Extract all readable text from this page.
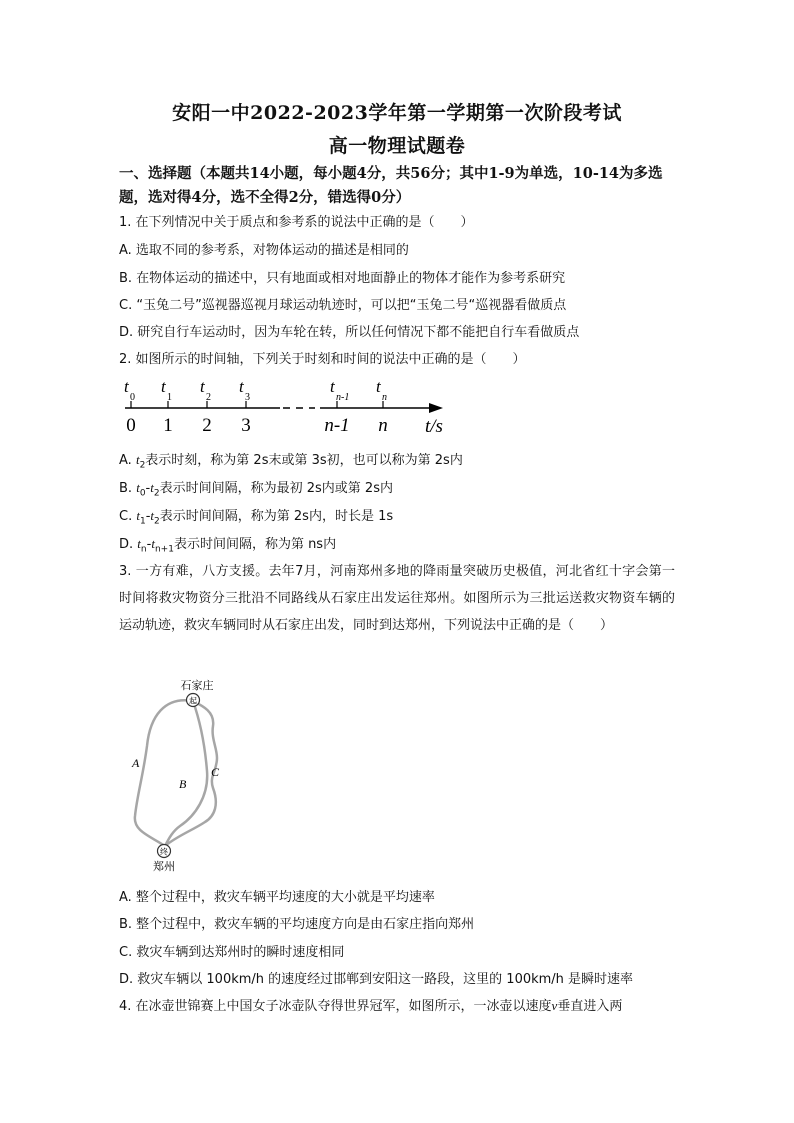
安阳一中2022-2023学年第一学期第一次阶段考试
高一物理试题卷
一、选择题（本题共14小题，每小题4分，共56分；其中1-9为单选，10-14为多选题，选对得4分，选不全得2分，错选得0分）
1. 在下列情况中关于质点和参考系的说法中正确的是（　　）
A. 选取不同的参考系，对物体运动的描述是相同的
B. 在物体运动的描述中，只有地面或相对地面静止的物体才能作为参考系研究
C. “玉兔二号”巡视器巡视月球运动轨迹时，可以把“玉兔二号“巡视器看做质点
D. 研究自行车运动时，因为车轮在转，所以任何情况下都不能把自行车看做质点
2. 如图所示的时间轴，下列关于时刻和时间的说法中正确的是（　　）
t
0
0
t
1
1
t
2
2
t
3
3
t
n-1
n-1
t
n
n t/s
A. $t_2$表示时刻，称为第 2s末或第 3s初，也可以称为第 2s内
B. $t_0-t_2$表示时间间隔，称为最初 2s内或第 2s内
C. $t_1-t_2$表示时间间隔，称为第 2s内，时长是 1s
D. $t_n-t_{n+1}$表示时间间隔，称为第 ns内
3. 一方有难，八方支援。去年7月，河南郑州多地的降雨量突破历史极值，河北省红十字会第一时间将救灾物资分三批沿不同路线从石家庄出发运往郑州。如图所示为三批运送救灾物资车辆的运动轨迹，救灾车辆同时从石家庄出发，同时到达郑州，下列说法中正确的是（　　）
起
石家庄
终
郑州
A
B
C
A. 整个过程中，救灾车辆平均速度的大小就是平均速率
B. 整个过程中，救灾车辆的平均速度方向是由石家庄指向郑州
C. 救灾车辆到达郑州时的瞬时速度相同
D. 救灾车辆以 100km/h 的速度经过邯郸到安阳这一路段，这里的 100km/h 是瞬时速率
4. 在冰壶世锦赛上中国女子冰壶队夺得世界冠军，如图所示，一冰壶以速度v垂直进入两
